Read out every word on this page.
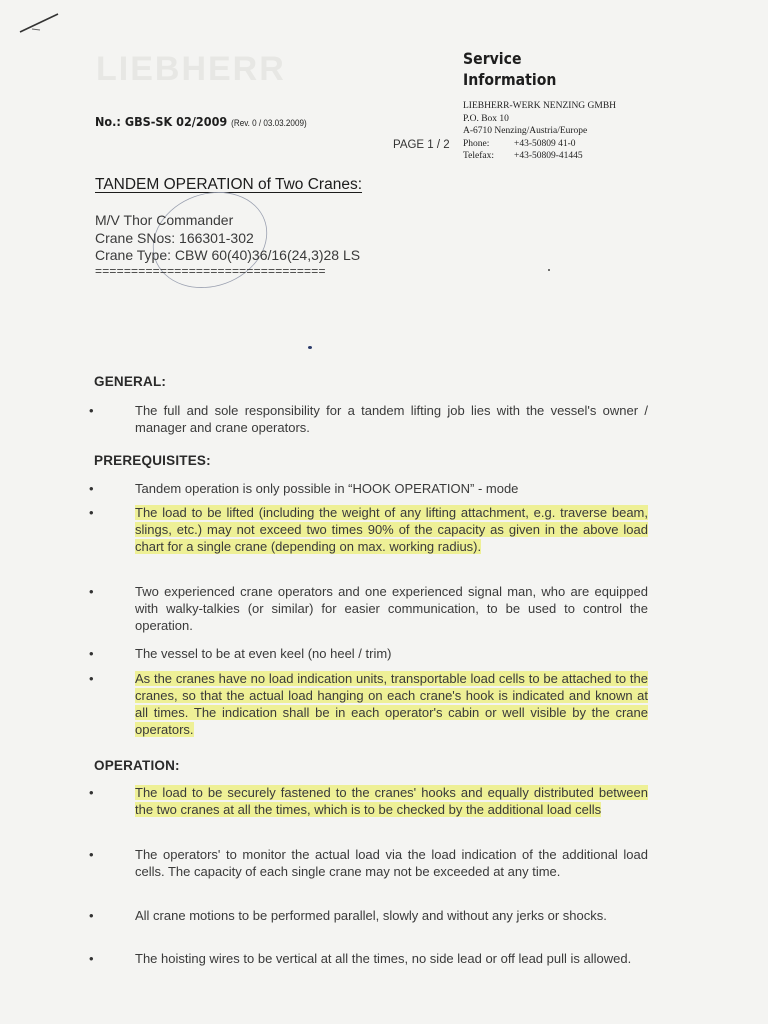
LIEBHERR	Service
Information
LIEBHERR-WERK NENZING GMBH
P.O. Box 10
A-6710 Nenzing/Austria/Europe
Phone:	+43-50809 41-0
Telefax: +43-50809-41445
No.: GBS-SK 02/2009 (Rev. 0 / 03.03.2009)
PAGE 1 / 2
TANDEM OPERATION of Two Cranes:
M/V Thor Commander
Crane SNos: 166301-302
Crane Type: CBW 60(40)36/16(24,3)28 LS
================================
GENERAL:
•	The full and sole responsibility for a tandem lifting job lies with the vessel's owner / manager and crane operators.
PREREQUISITES:
•	Tandem operation is only possible in “HOOK OPERATION” - mode
•	The load to be lifted (including the weight of any lifting attachment, e.g. traverse beam, slings, etc.) may not exceed two times 90% of the capacity as given in the above load chart for a single crane (depending on max. working radius).
•	Two experienced crane operators and one experienced signal man, who are equipped with walky-talkies (or similar) for easier communication, to be used to control the operation.
•	The vessel to be at even keel (no heel / trim)
•	As the cranes have no load indication units, transportable load cells to be attached to the cranes, so that the actual load hanging on each crane's hook is indicated and known at all times. The indication shall be in each operator's cabin or well visible by the crane operators.
OPERATION:
•	The load to be securely fastened to the cranes' hooks and equally distributed between the two cranes at all the times, which is to be checked by the additional load cells
•	The operators' to monitor the actual load via the load indication of the additional load cells. The capacity of each single crane may not be exceeded at any time.
•	All crane motions to be performed parallel, slowly and without any jerks or shocks.
•	The hoisting wires to be vertical at all the times, no side lead or off lead pull is allowed.
